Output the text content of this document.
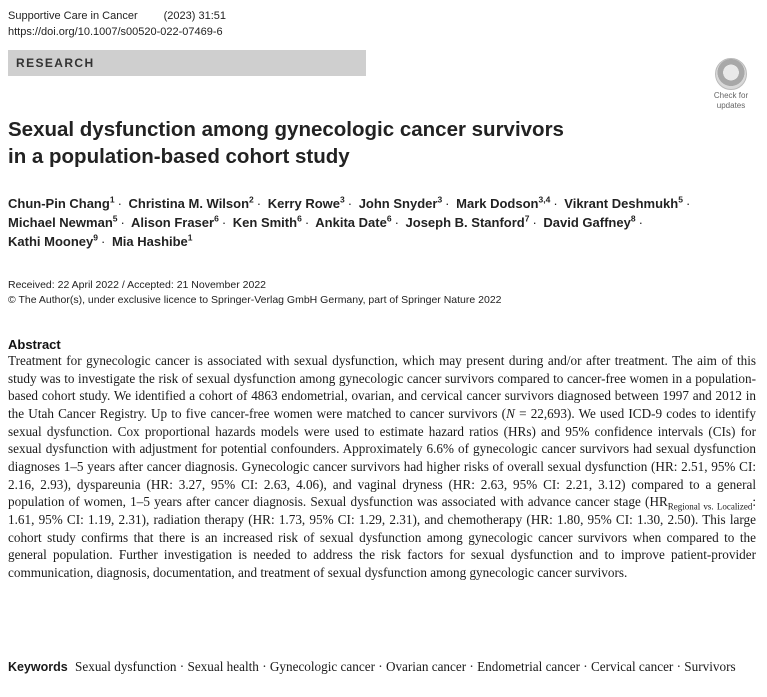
Supportive Care in Cancer (2023) 31:51
https://doi.org/10.1007/s00520-022-07469-6
RESEARCH
Check for
updates
Sexual dysfunction among gynecologic cancer survivors
in a population-based cohort study
Chun-Pin Chang$^1$ · Christina M. Wilson$^2$ · Kerry Rowe$^3$ · John Snyder$^3$ · Mark Dodson$^{3,4}$ · Vikrant Deshmukh$^5$ ·
Michael Newman$^5$ · Alison Fraser$^6$ · Ken Smith$^6$ · Ankita Date$^6$ · Joseph B. Stanford$^7$ · David Gaffney$^8$ ·
Kathi Mooney$^9$ · Mia Hashibe$^1$
Received: 22 April 2022 / Accepted: 21 November 2022
© The Author(s), under exclusive licence to Springer-Verlag GmbH Germany, part of Springer Nature 2022
Abstract

Treatment for gynecologic cancer is associated with sexual dysfunction, which may present during and/or after treatment. The aim of this study was to investigate the risk of sexual dysfunction among gynecologic cancer survivors compared to cancer-free women in a population-based cohort study. We identified a cohort of 4863 endometrial, ovarian, and cervical cancer survivors diagnosed between 1997 and 2012 in the Utah Cancer Registry. Up to five cancer-free women were matched to cancer survivors (N = 22,693). We used ICD-9 codes to identify sexual dysfunction. Cox proportional hazards models were used to estimate hazard ratios (HRs) and 95% confidence intervals (CIs) for sexual dysfunction with adjustment for potential confounders. Approximately 6.6% of gynecologic cancer survivors had sexual dysfunction diagnoses 1–5 years after cancer diagnosis. Gynecologic cancer survivors had higher risks of overall sexual dysfunction (HR: 2.51, 95% CI: 2.16, 2.93), dyspareunia (HR: 3.27, 95% CI: 2.63, 4.06), and vaginal dryness (HR: 2.63, 95% CI: 2.21, 3.12) compared to a general population of women, 1–5 years after cancer diagnosis. Sexual dysfunction was associated with advance cancer stage ($HR_{Regional vs. Localized}$: 1.61, 95% CI: 1.19, 2.31), radiation therapy (HR: 1.73, 95% CI: 1.29, 2.31), and chemotherapy (HR: 1.80, 95% CI: 1.30, 2.50). This large cohort study confirms that there is an increased risk of sexual dysfunction among gynecologic cancer survivors when compared to the general population. Further investigation is needed to address the risk factors for sexual dysfunction and to improve patient-provider communication, diagnosis, documentation, and treatment of sexual dysfunction among gynecologic cancer survivors.

Keywords Sexual dysfunction · Sexual health · Gynecologic cancer · Ovarian cancer · Endometrial cancer · Cervical cancer · Survivors
